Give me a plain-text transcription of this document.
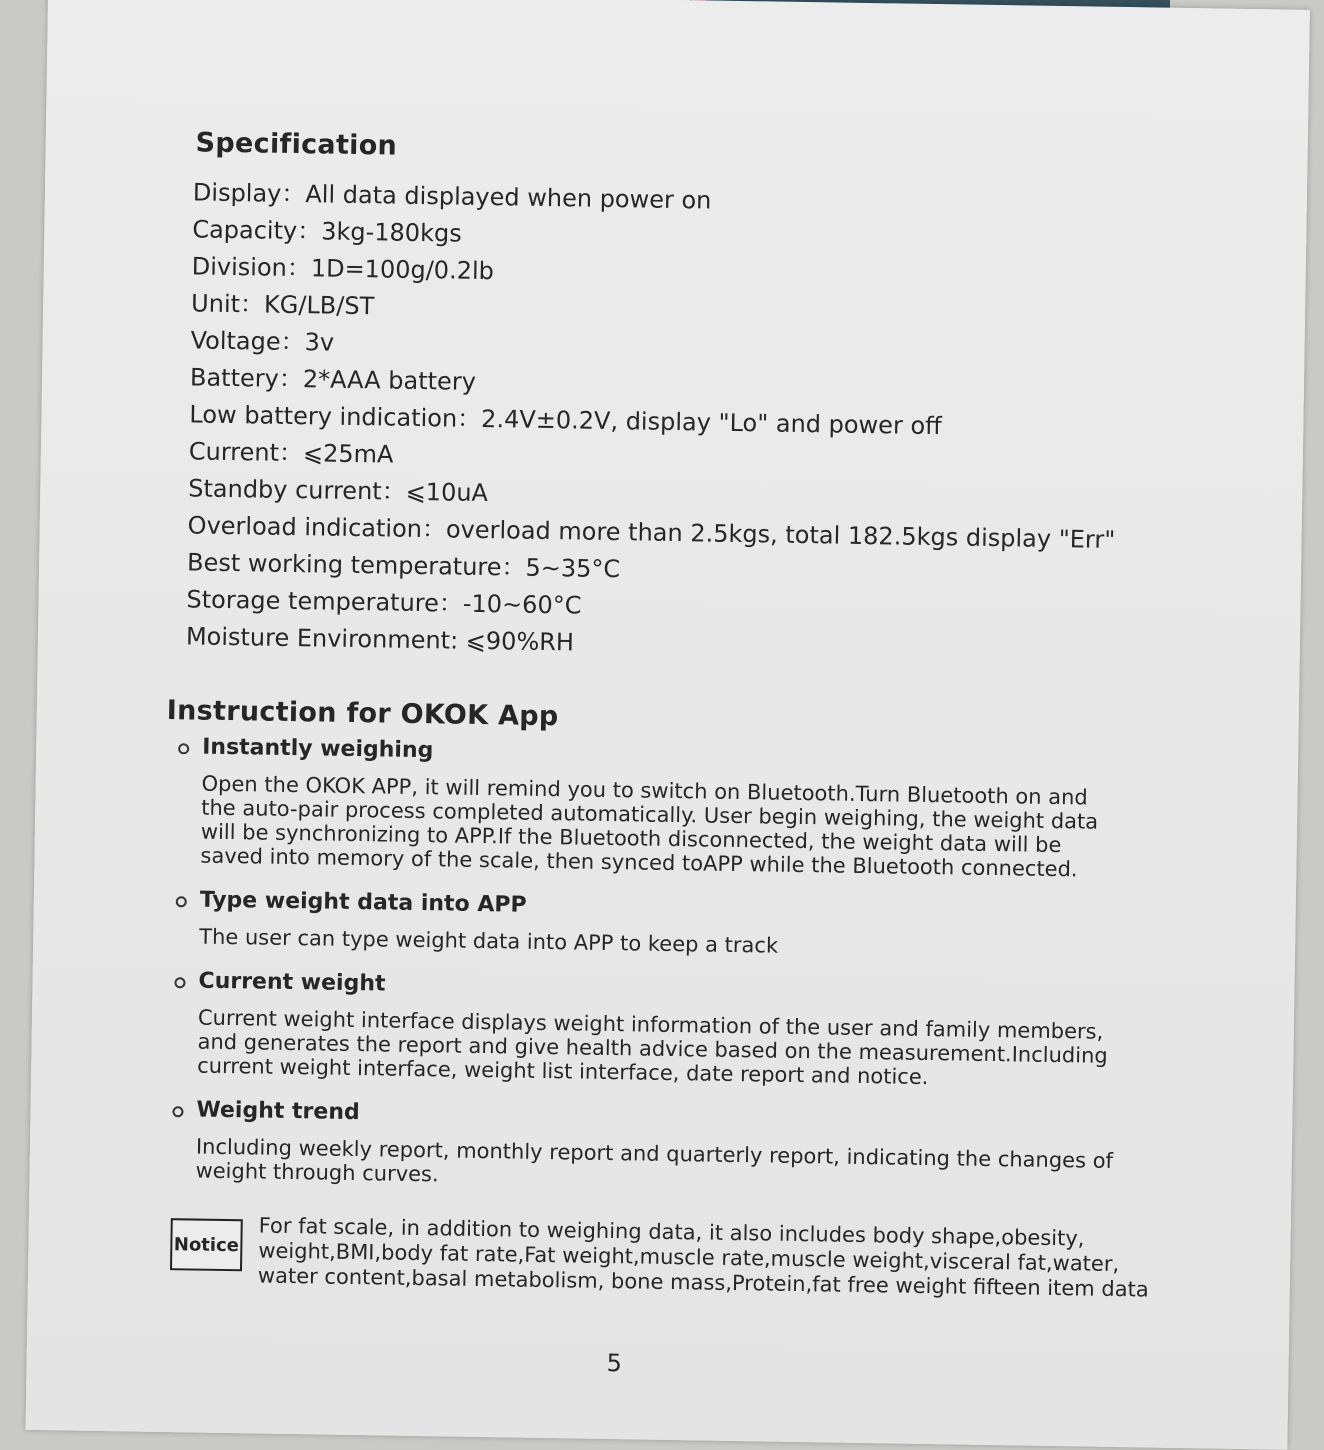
Specification
Display ： All data displayed when power on
Capacity ： 3kg-180kgs
Division ： 1D=100g/0.2lb
Unit ： KG/LB/ST
Voltage ： 3v
Battery ： 2*AAA battery
Low battery indication ： 2.4V±0.2V, display "Lo" and power off
Current ： ⩽25mA
Standby current ： ⩽10uA
Overload indication ： overload more than 2.5kgs, total 182.5kgs display "Err"
Best working temperature ： 5~35°C
Storage temperature ： -10~60°C
Moisture Environment: ⩽90%RH
Instruction for OKOK App

Instantly weighing

Open the OKOK APP, it will remind you to switch on Bluetooth.Turn Bluetooth on and the auto-pair process completed automatically. User begin weighing, the weight data will be synchronizing to APP.If the Bluetooth disconnected, the weight data will be saved into memory of the scale, then synced toAPP while the Bluetooth connected.

Type weight data into APP

The user can type weight data into APP to keep a track

Current weight

Current weight interface displays weight information of the user and family members, and generates the report and give health advice based on the measurement.Including current weight interface, weight list interface, date report and notice.

Weight trend

Including weekly report, monthly report and quarterly report, indicating the changes of weight through curves.

Notice For fat scale, in addition to weighing data, it also includes body shape,obesity, weight,BMI,body fat rate,Fat weight,muscle rate,muscle weight,visceral fat,water, water content,basal metabolism, bone mass,Protein,fat free weight fifteen item data

5
